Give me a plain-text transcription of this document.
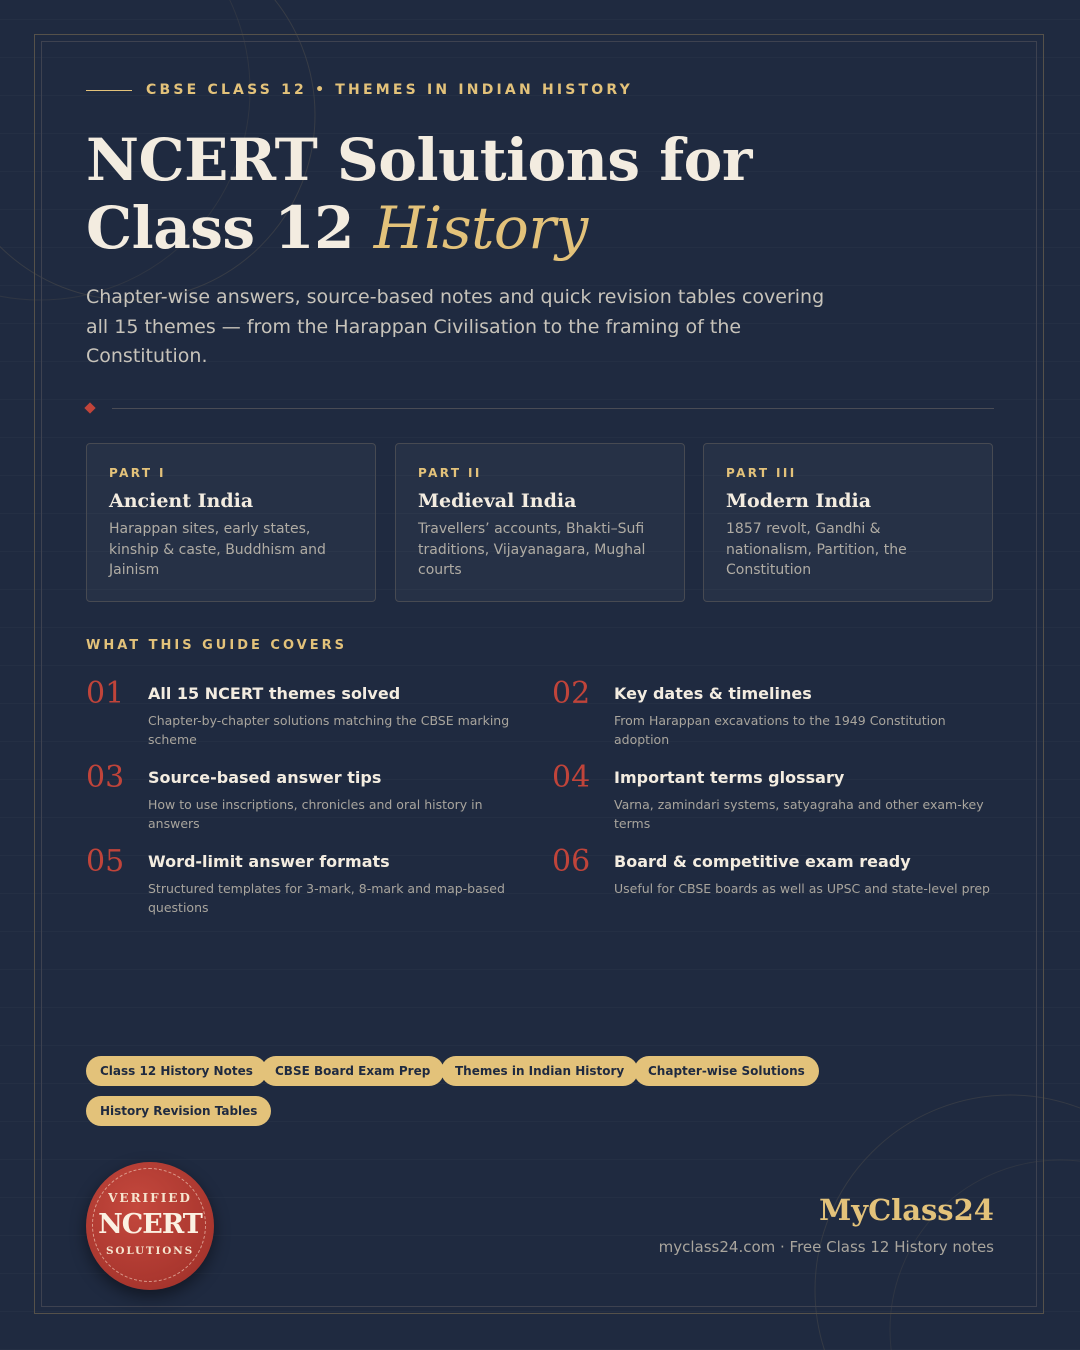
CBSE CLASS 12 • THEMES IN INDIAN HISTORY
NCERT Solutions for
Class 12 History

Chapter-wise answers, source-based notes and quick revision tables covering all 15 themes — from the Harappan Civilisation to the framing of the Constitution.

PART I
Ancient India
Harappan sites, early states, kinship & caste, Buddhism and Jainism
PART II
Medieval India
Travellers’ accounts, Bhakti–Sufi traditions, Vijayanagara, Mughal courts
PART III
Modern India
1857 revolt, Gandhi & nationalism, Partition, the Constitution
WHAT THIS GUIDE COVERS
01 All 15 NCERT themes solved
Chapter-by-chapter solutions matching the CBSE marking scheme
02 Key dates & timelines
From Harappan excavations to the 1949 Constitution adoption
03 Source-based answer tips
How to use inscriptions, chronicles and oral history in answers
04 Important terms glossary
Varna, zamindari systems, satyagraha and other exam-key terms
05 Word-limit answer formats
Structured templates for 3-mark, 8-mark and map-based questions
06 Board & competitive exam ready
Useful for CBSE boards as well as UPSC and state-level prep
Class 12 History Notes	CBSE Board Exam Prep	Themes in Indian History	Chapter-wise Solutions
History Revision Tables
VERIFIED
NCERT
SOLUTIONS
MyClass24
myclass24.com · Free Class 12 History notes
